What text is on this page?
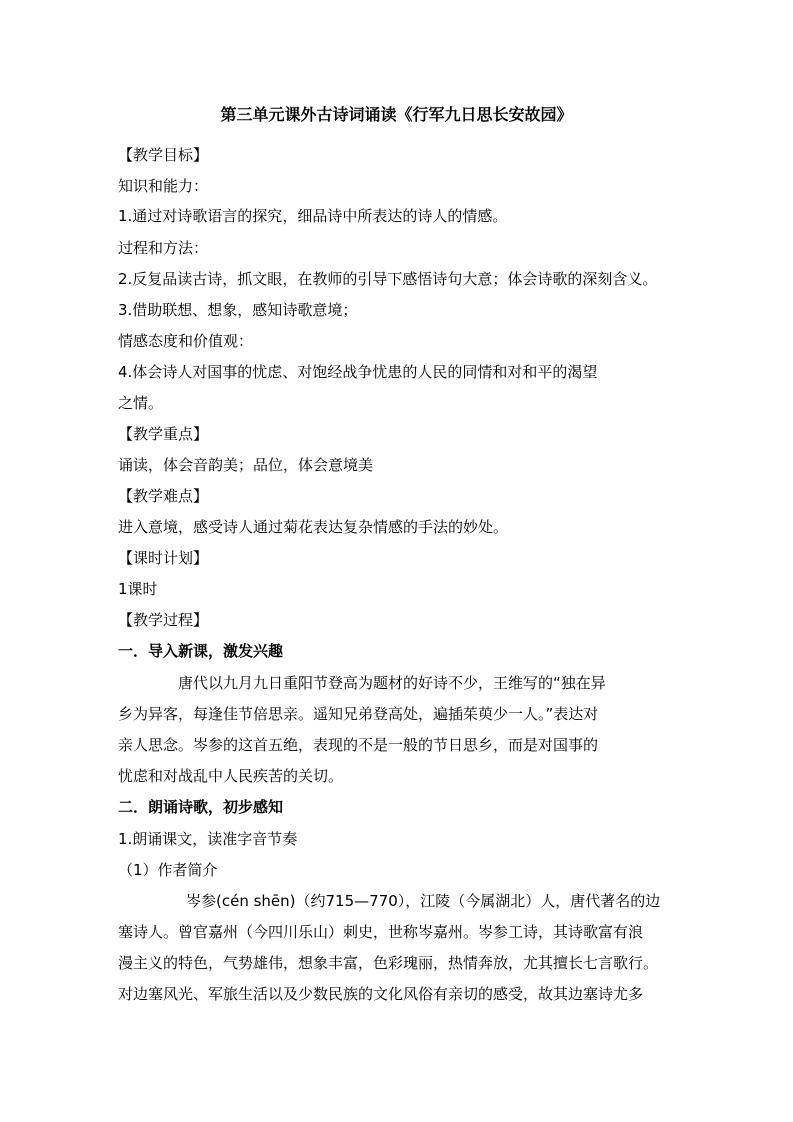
第三单元课外古诗词诵读《行军九日思长安故园》
【教学目标】
知识和能力：
1.通过对诗歌语言的探究，细品诗中所表达的诗人的情感。
过程和方法：
2.反复品读古诗，抓文眼，在教师的引导下感悟诗句大意；体会诗歌的深刻含义。
3.借助联想、想象，感知诗歌意境；
情感态度和价值观：
4.体会诗人对国事的忧虑、对饱经战争忧患的人民的同情和对和平的渴望
之情。
【教学重点】
诵读，体会音韵美；品位，体会意境美
【教学难点】
进入意境，感受诗人通过菊花表达复杂情感的手法的妙处。
【课时计划】
1课时
【教学过程】
一．导入新课，激发兴趣
唐代以九月九日重阳节登高为题材的好诗不少，王维写的“独在异
乡为异客，每逢佳节倍思亲。遥知兄弟登高处，遍插茱萸少一人。”表达对
亲人思念。岑参的这首五绝，表现的不是一般的节日思乡，而是对国事的
忧虑和对战乱中人民疾苦的关切。
二．朗诵诗歌，初步感知
1.朗诵课文，读准字音节奏
（1）作者简介
岑参(cén shēn)（约715—770），江陵（今属湖北）人，唐代著名的边
塞诗人。曾官嘉州（今四川乐山）刺史，世称岑嘉州。岑参工诗，其诗歌富有浪
漫主义的特色，气势雄伟，想象丰富，色彩瑰丽，热情奔放，尤其擅长七言歌行。
对边塞风光、军旅生活以及少数民族的文化风俗有亲切的感受，故其边塞诗尤多
